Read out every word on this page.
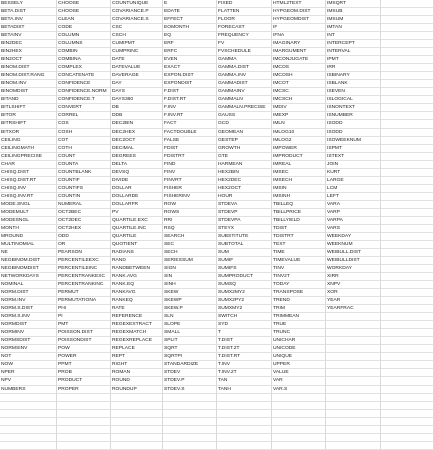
BESSELY	CHOOSE	COUNTUNIQUE	E	FIXED	HTML2TEXT	IMSQRT
BETA.DIST	CHOOSE	COVARIANCE.P	EDATE	FLATTEN	HYPGEOM.DIST	IMSUB
BETA.INV	CLEAN	COVARIANCE.S	EFFECT	FLOOR	HYPGEOMDIST	IMSUM
BETADIST	CODE	CSC	EOMONTH	FORECAST	IF	IMTAN
BETAINV	COLUMN	CSCH	EQ	FREQUENCY	IFNA	INT
BIN2DEC	COLUMNS	CUMIPMT	ERF	FV	IMAGINARY	INTERCEPT
BIN2HEX	COMBIN	CUMPRINC	ERFC	FVSCHEDULE	IMARGUMENT	INTERVAL
BIN2OCT	COMBINA	DATE	EVEN	GAMMA	IMCONJUGATE	IPMT
BINOM.DIST	COMPLEX	DATEVALUE	EXACT	GAMMA.DIST	IMCOS	IRR
BINOM.DIST.RANG	CONCATENATE	DAVERAGE	EXPON.DIST	GAMMA.INV	IMCOSH	ISBINARY
BINOM.INV	CONFIDENCE	DAY	EXPONDIST	GAMMADIST	IMCOT	ISBLANK
BINOMDIST	CONFIDENCE.NORM	DAYS	F.DIST	GAMMAINV	IMCSC	ISEVEN
BITAND	CONFIDENCE.T	DAYS360	F.DIST.RT	GAMMALN	IMCSCH	ISLOGICAL
BITLSHIFT	CONVERT	DB	F.INV	GAMMALN.PRECISE	IMDIV	ISNONTEXT
BITOR	CORREL	DDB	F.INV.RT	GAUSS	IMEXP	ISNUMBER
BITRSHIFT	COS	DEC2BIN	FACT	GCD	IMLN	ISODD
BITXOR	COSH	DEC2HEX	FACTDOUBLE	GEOMEAN	IMLOG10	ISODD
CEILING	COT	DEC2OCT	FALSE	GESTEP	IMLOG2	ISOWEEKNUM
CEILINGMATH	COTH	DECIMAL	FDIST	GROWTH	IMPOWER	ISPMT
CEILINGPRECISE	COUNT	DEGREES	FDISTRT	GTE	IMPRODUCT	ISTEXT
CHAR	COUNTA	DELTA	FIND	HARMEAN	IMREAL	JOIN
CHISQ.DIST	COUNTBLANK	DEVSQ	FINV	HEX2BIN	IMSEC	KURT
CHISQ.DIST.RT	COUNTIF	DIVIDE	FINVRT	HEX2DEC	IMSECH	LARGE
CHISQ.INV	COUNTIFS	DOLLAR	FISHER	HEX2OCT	IMSIN	LCM
CHISQ.INV.RT	COUNTIN	DOLLARDE	FISHERINV	HOUR	IMSINH	LEFT
MODE.SNGL	NUMERAL	DOLLARFR	ROW	STDEVA	TBILLEQ	VARA
MODEMULT	OCT2BEC	PV	ROWS	STDEVP	TBILLPRICE	VARP
MODESNGL	OCT2DEC	QUARTILE.EXC	RRI	STDEVPA	TBILLYIELD	VARPA
MONTH	OCT2HEX	QUARTILE.INC	RSQ	STEYX	TDIST	VARS
MROUND	ODD	QUARTILE	SEARCH	SUBSTITUTE	TDISTRT	WEEKDAY
MULTINOMIAL	OR	QUOTIENT	SEC	SUBTOTAL	TEXT	WEEKNUM
NE	PEARSON	RADIANS	SECH	SUM	TIME	WEIBULL.DIST
NEGBINOM.DIST	PERCENTILEEXC	RAND	SERIESSUM	SUMIF	TIMEVALUE	WEIBULLDIST
NEGBINOMDIST	PERCENTILEINC	RANDBETWEEN	SIGN	SUMIFS	TINV	WORKDAY
NETWORKDAYS	PERCENTRANKEXC	RANK.AVG	SIN	SUMPRODUCT	TINV2T	XIRR
NOMINAL	PERCENTRANKINC	RANK.EQ	SINH	SUMSQ	TODAY	XNPV
NORM.DIST	PERMUT	RANKAVG	SKEW	SUMX2MY2	TRANSPOSE	XOR
NORM.INV	PERMUTATIONA	RANKEQ	SKEWP	SUMX2PY2	TREND	YEAR
NORM.S.DIST	PHI	RATE	SKEW.P	SUMXMY2	TRIM	YEARFRAC
NORM.S.INV	PI	REFERENCE	SLN	SWITCH	TRIMMEAN
NORMDIST	PMT	REGEXEXTRACT	SLOPE	SYD	TRUE
NORMINV	POISSON.DIST	REGEXMATCH	SMALL	T	TRUNC
NORMSDIST	POISSONDIST	REGEXREPLACE	SPLIT	T.DIST	UNICHAR
NORMSINV	POW	REPLACE	SQRT	T.DIST.2T	UNICODE
NOT	POWER	REPT	SQRTPI	T.DIST.RT	UNIQUE
NOW	PPMT	RIGHT	STANDARDIZE	T.INV	UPPER
NPER	PROB	ROMAN	STDEV	T.INV.2T	VALUE
NPV	PRODUCT	ROUND	STDEV.P	TAN	VAR
NUMBERS	PROPER	ROUNDUP	STDEV.S	TANH	VAR.S
